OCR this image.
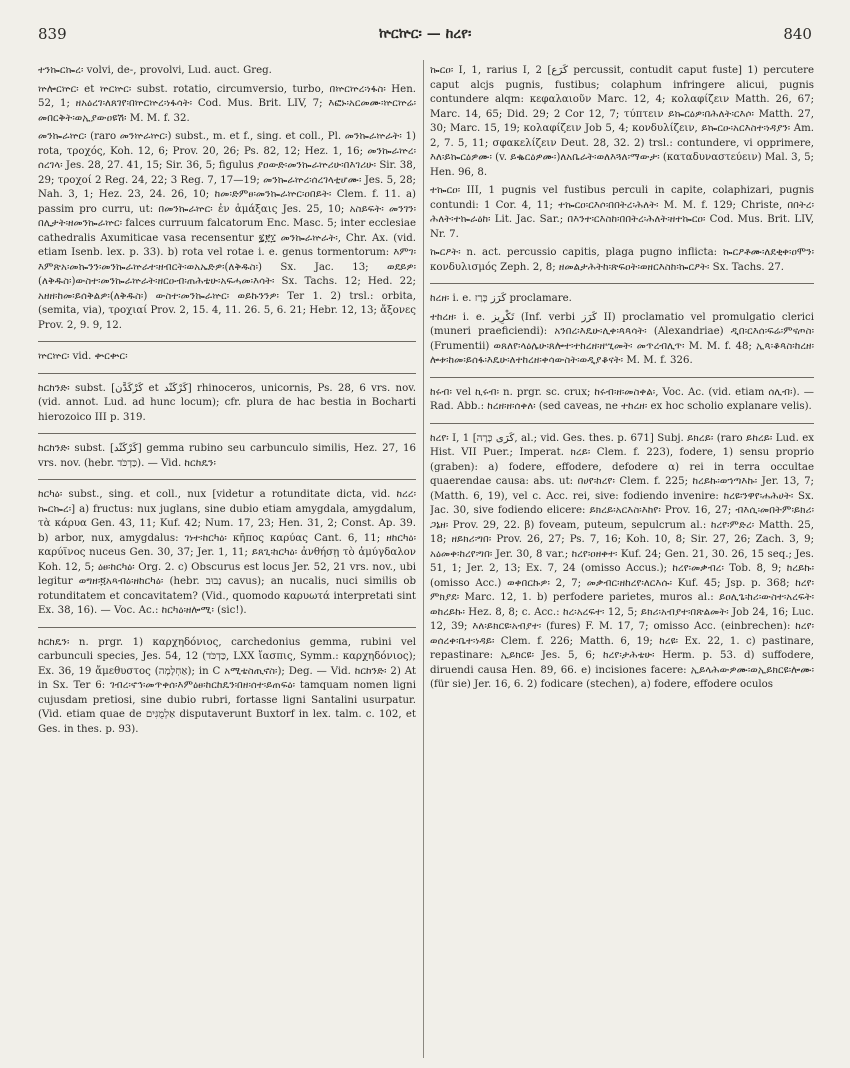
839	ኵርኵር፡ — ከረየ፡	840

ተንኰርኰረ፡ volvi, de-, provolvi, Lud. auct. Greg.

ኵሎርኵር፡ et ኵርኵር፡ subst. rotatio, circumversio, turbo, በኵርኵረ፡ነፋስ፡ Hen. 52, 1; ዘአዕረገ፡ለጸገየ፡በኵርኵረ፡ነፋሳት፡ Cod. Mus. Brit. LIV, 7; እፎኑ፡አርመሙ፡ኵርኵሬ፡መበርቅት፡ወኢያውዐዩሽ፡ M. M. f. 32.

መንኰራኵር፡ (raro መንኵራኵር፡) subst., m. et f., sing. et coll., Pl. መንኰራኵራት፡ 1) rota, τροχός, Koh. 12, 6; Prov. 20, 26; Ps. 82, 12; Hez. 1, 16; መንኰራኵረ፡ሰረገላ፡ Jes. 28, 27. 41, 15; Sir. 36, 5; figulus ያዐውድ፡መንኰራኵሪሁ፡በእገሪሁ፡ Sir. 38, 29; τροχοί 2 Reg. 24, 22; 3 Reg. 7, 17—19; መንኰራኵረ፡ሰረገላቲሆሙ፡ Jes. 5, 28; Nah. 3, 1; Hez. 23, 24. 26, 10; ከመ፡ድምፀ፡መንኰራኵር፡ዐበይት፡ Clem. f. 11. a) passim pro curru, ut: በመንኰራኵር፡ ἐν ἁμάξαις Jes. 25, 10; አስይፍት፡ መንገን፡በሊታት፡ዘመንኰራኵር፡ falces curruum falcatorum Enc. Masc. 5; inter ecclesiae cathedralis Axumiticae vasa recensentur ፯፻፲ መንኰራኵራት፡, Chr. Ax. (vid. etiam Isenb. lex. p. 33). b) rota vel rotae i. e. genus tormentorum: እምገ፡እምጽአ፡መኰንን፡መንኰራኵራተ፡ዘብርት፡ወአኤድዎ፡(ለቅዱስ፡) Sx. Jac. 13; ወደይዎ፡(ለቅዱስ፡)ውስተ፡መንኰራኵራት፡ዘርዑብ፡ጠሕቴሁ፡አፍሓመ፡እሳት፡ Sx. Tachs. 12; Hed. 22; አዘዘ፡ከመ፡ይሰቅልዎ፡(ለቅዱስ፡) ውስተ፡መንኰራኵር፡ ወይኩንንዎ፡ Ter 1. 2) trsl.: orbita, (semita, via), τροχιαί Prov. 2, 15. 4, 11. 26. 5, 6. 21; Hebr. 12, 13; ἄξονες Prov. 2, 9. 9, 12.

ኵርኵር፡ vid. ቍርቍር፡

ከርከንድ፡ subst. [ﻛَﺮْﻛَﺪَّﻥ et ﻛَﺮْﻛَﻨْﺪ] rhinoceros, unicornis, Ps. 28, 6 vrs. nov. (vid. annot. Lud. ad hunc locum); cfr. plura de hac bestia in Bocharti hierozoico III p. 319.

ከርከንድ፡ subst. [ﻛَﺮْﻛَﻨْﺪ] gemma rubino seu carbunculo similis, Hez. 27, 16 vrs. nov. (hebr. כַּדְכֹּד). — Vid. ከርከዴን፡

ከርካዕ፡ subst., sing. et coll., nux [videtur a rotunditate dicta, vid. ከረረ፡ ኰርኰረ፡] a) fructus: nux juglans, sine dubio etiam amygdala, amygdalum, τὰ κάρυα Gen. 43, 11; Kuf. 42; Num. 17, 23; Hen. 31, 2; Const. Ap. 39. b) arbor, nux, amygdalus: ገነተ፡ከርካዕ፡ κῆπος καρύας Cant. 6, 11; ዘከርካዕ፡ καρύϊνος nuceus Gen. 30, 37; Jer. 1, 11; ይጸጊ፡ከርካዕ፡ ἀνθήσῃ τὸ ἀμύγδαλον Koh. 12, 5; ዕፀ፡ከርካዕ፡ Org. 2. c) Obscurus est locus Jer. 52, 21 vrs. nov., ubi legitur ወግዘ፡፬አጻብዕ፡ዘከርካዕ፡ (hebr. נָבוּב cavus); an nucalis, nuci similis ob rotunditatem et concavitatem? (Vid., quomodo καρυωτά interpretati sint Ex. 38, 16). — Voc. Ac.: ከርካዕ፡ዘሎሚ፡ (sic!).

ከርከዴን፡ n. prgr. 1) καρχηδόνιος, carchedonius gemma, rubini vel carbunculi species, Jes. 54, 12 (כַּדְכֹּד, LXX ἴασπις, Symm.: καρχηδόνιος); Ex. 36, 19 ἄμεθυστος (אַחְלָמָה); in C አሚቴስጢኖስ፡); Deg. — Vid. ከርከንድ፡ 2) At in Sx. Ter 6: ገብረ፡ኖኅ፡መጥቀሰ፡እምዕፀ፡ከርከዴን፡በዘ፡ሰተ፡ይጠፍዕ፡ tamquam nomen ligni cujusdam pretiosi, sine dubio rubri, fortasse ligni Santalini usurpatur. (Vid. etiam quae de אַלְמֻגִּים disputaverunt Buxtorf in lex. talm. c. 102, et Ges. in thes. p. 93).

ኰርዐ፡ I, 1, rarius I, 2 [ﻛَﺮَﻉ percussit, contudit caput fuste] 1) percutere caput alcjs pugnis, fustibus; colaphum infringere alicui, pugnis contundere alqm: κεφαλαιοῦν Marc. 12, 4; κολαφίζειν Matth. 26, 67; Marc. 14, 65; Did. 29; 2 Cor 12, 7; τύπτειν ይኰርዕዎ፡በሕለት፡ርእሶ፡ Matth. 27, 30; Marc. 15, 19; κολαφίζειν Job 5, 4; κονδυλίζειν, ይኰርዑ፡አርእስተ፡ነዳያን፡ Am. 2, 7. 5, 11; σφακελίζειν Deut. 28, 32. 2) trsl.: contundere, vi opprimere, እለ፡ይኰርዕዎሙ፡ (v. ይቈርዕዎሙ፡)ለአቤራት፡ወለእጓለ፡ማውታ፡ (καταδυναστεύειν) Mal. 3, 5; Hen. 96, 8.

ተኰርዐ፡ III, 1 pugnis vel fustibus perculi in capite, colaphizari, pugnis contundi: 1 Cor. 4, 11; ተኰርዐ፡ርእሶ፡በበትረ፡ሕለት፡ M. M. f. 129; Christe, በበትረ፡ሕለት፡ተኰራዕከ፡ Lit. Jac. Sar.; በእንተ፡ርእስከ፡በበትረ፡ሕለት፡ዘተኰርዐ፡ Cod. Mus. Brit. LIV, Nr. 7.

ኰርዖት፡ n. act. percussio capitis, plaga pugno inflicta: ኰርዖቶሙ፡ለደቂቀ፡ዐሞን፡ κονδυλισμός Zeph. 2, 8; ዘመልታሕትከ፡ጽፍዐት፡ወዘርእስከ፡ኰርዖት፡ Sx. Tachs. 27.

ከረዘ፡ i. e. ﻛَﺮَﺯ כָּרַז proclamare.

ተከረዘ፡ i. e. ﺗَﻜْﺮِﻳﺰ (Inf. verbi ﻛَﺮَﺯ II) proclamatio vel promulgatio clerici (muneri praeficiendi): አንበረ፡እዴሁ፡ሊቀ፡ጳጳሳት፡ (Alexandriae) ዲበ፡ርእሰ፡ፍሬ፡ምናጦስ፡ (Frumentii) ወጸለየ፡ላዕሌሁ፡ጸሎተ፡ተከረዘ፡ዘሢመት፡ መጥረብሊጥ፡ M. M. f. 48; ኢጳ፡ቆጳስ፡ከረዘ፡ሎቱ፡ከመ፡ይሰፋ፡እዴሁ፡ለተከረዘ፡ቀሳውስት፡ወዲያቆናት፡ M. M. f. 326.

ከሩብ፡ vel ኪሩብ፡ n. prgr. sc. crux; ከሩብ፡ዘ፡መስቀል፡, Voc. Ac. (vid. etiam ሰሊብ፡). — Rad. Abb.: ከረዘ፡ዘ፡ሰቀለ፡ (sed caveas, ne ተከረዘ፡ ex hoc scholio explanare velis).

ከረየ፡ I, 1 [ﻛَﺮَﻯ כָּרָה, al.; vid. Ges. thes. p. 671] Subj. ይክረይ፡ (raro ይከረይ፡ Lud. ex Hist. VII Puer.; Imperat. ክረይ፡ Clem. f. 223), fodere, 1) sensu proprio (graben): a) fodere, effodere, defodere α) rei in terra occultae quaerendae causa: abs. ut: በሀየ፡ከረየ፡ Clem. f. 225; ከረይኩ፡ወኀጣእኩ፡ Jer. 13, 7; (Matth. 6, 19), vel c. Acc. rei, sive: fodiendo invenire: ከረዩ፡ንዋየ፡ሐሕሀት፡ Sx. Jac. 30, sive fodiendo elicere: ይክረይ፡አርእስ፡እከየ፡ Prov. 16, 27; ብእሲ፡መበትም፡ይክሪ፡ጋኔዘ፡ Prov. 29, 22. β) foveam, puteum, sepulcrum al.: ከረየ፡ምድረ፡ Matth. 25, 18; ዘይክሪ፡ግበ፡ Prov. 26, 27; Ps. 7, 16; Koh. 10, 8; Sir. 27, 26; Zach. 3, 9; አዕመቀ፡ከረየ፡ግበ፡ Jer. 30, 8 var.; ከረየ፡ዐዘቀተ፡ Kuf. 24; Gen. 21, 30. 26, 15 seq.; Jes. 51, 1; Jer. 2, 13; Ex. 7, 24 (omisso Accus.); ከረየ፡መቃብረ፡ Tob. 8, 9; ከረይኩ፡ (omisso Acc.) ወቀበርኩዎ፡ 2, 7; መቃብር፡ዘከረየ፡ለርእሱ፡ Kuf. 45; Jsp. p. 368; ከረየ፡ምክያደ፡ Marc. 12, 1. b) perfodere parietes, muros al.: ይዐሊጌ፡ከሪ፡ውስተ፡አረፍት፡ወከረይኩ፡ Hez. 8, 8; c. Acc.: ከረ፡አረፍተ፡ 12, 5; ይክሪ፡አብያተ፡በጽልመት፡ Job 24, 16; Luc. 12, 39; እለ፡ይክርዩ፡አብያተ፡ (fures) F. M. 17, 7; omisso Acc. (einbrechen): ከረየ፡ወሰረቀ፡ቤተ፡ነዳይ፡ Clem. f. 226; Matth. 6, 19; ከረዩ፡ Ex. 22, 1. c) pastinare, repastinare: ኢይክርዩ፡ Jes. 5, 6; ከረየ፡ታሕቴሁ፡ Herm. p. 53. d) suffodere, diruendi causa Hen. 89, 66. e) incisiones facere: ኢይላሕውዎሙ፡ወኢይክርዩ፡ሎሙ፡ (für sie) Jer. 16, 6. 2) fodicare (stechen), a) fodere, effodere oculos
